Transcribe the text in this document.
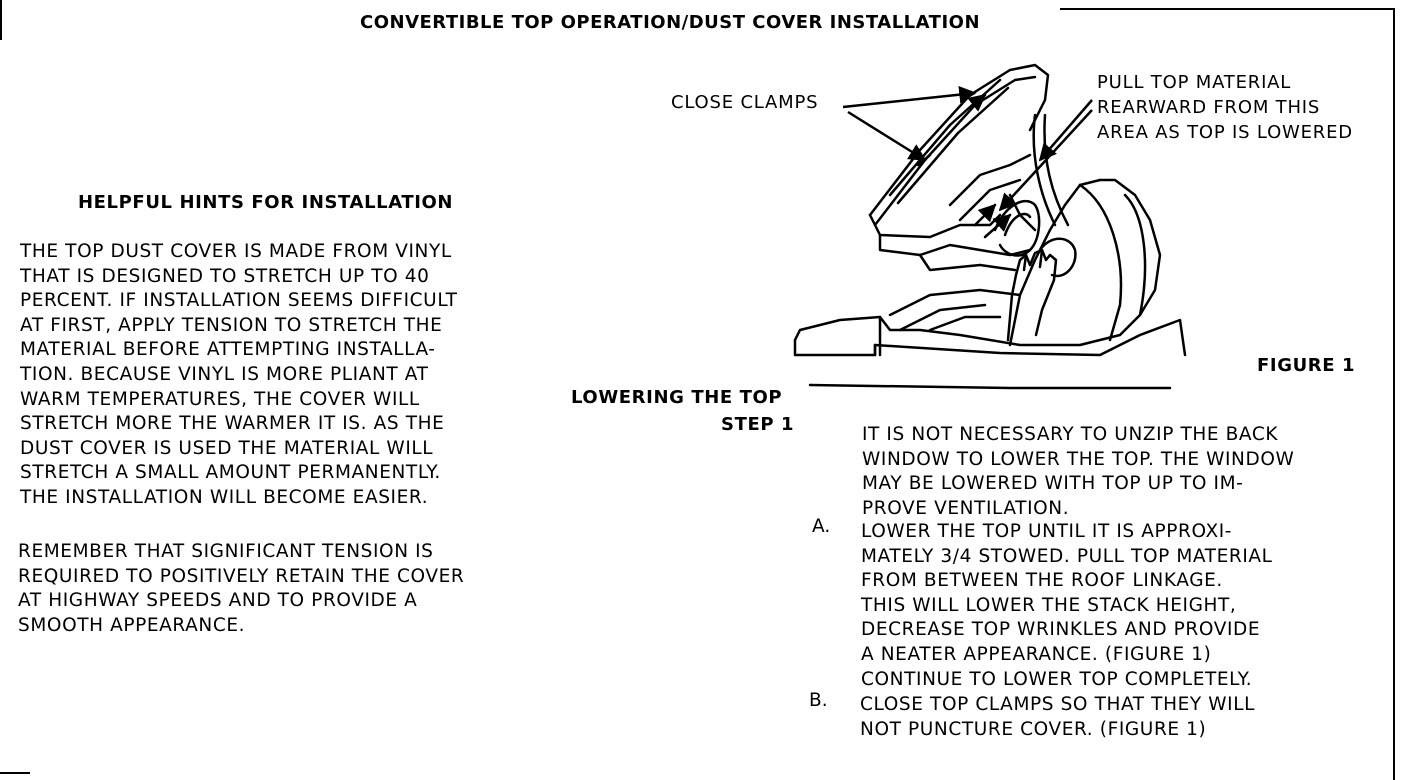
CONVERTIBLE TOP OPERATION/DUST COVER INSTALLATION
HELPFUL HINTS FOR INSTALLATION
THE TOP DUST COVER IS MADE FROM VINYL
THAT IS DESIGNED TO STRETCH UP TO 40
PERCENT. IF INSTALLATION SEEMS DIFFICULT
AT FIRST, APPLY TENSION TO STRETCH THE
MATERIAL BEFORE ATTEMPTING INSTALLA-
TION. BECAUSE VINYL IS MORE PLIANT AT
WARM TEMPERATURES, THE COVER WILL
STRETCH MORE THE WARMER IT IS. AS THE
DUST COVER IS USED THE MATERIAL WILL
STRETCH A SMALL AMOUNT PERMANENTLY.
THE INSTALLATION WILL BECOME EASIER.
REMEMBER THAT SIGNIFICANT TENSION IS
REQUIRED TO POSITIVELY RETAIN THE COVER
AT HIGHWAY SPEEDS AND TO PROVIDE A
SMOOTH APPEARANCE.
LOWERING THE TOP
STEP 1	IT IS NOT NECESSARY TO UNZIP THE BACK
WINDOW TO LOWER THE TOP. THE WINDOW
MAY BE LOWERED WITH TOP UP TO IM-
PROVE VENTILATION.
A. LOWER THE TOP UNTIL IT IS APPROXI-
MATELY 3/4 STOWED. PULL TOP MATERIAL
FROM BETWEEN THE ROOF LINKAGE.
THIS WILL LOWER THE STACK HEIGHT,
DECREASE TOP WRINKLES AND PROVIDE
A NEATER APPEARANCE. (FIGURE 1)
CONTINUE TO LOWER TOP COMPLETELY.
B. CLOSE TOP CLAMPS SO THAT THEY WILL
NOT PUNCTURE COVER. (FIGURE 1)
CLOSE CLAMPS
PULL TOP MATERIAL
REARWARD FROM THIS
AREA AS TOP IS LOWERED
FIGURE 1
